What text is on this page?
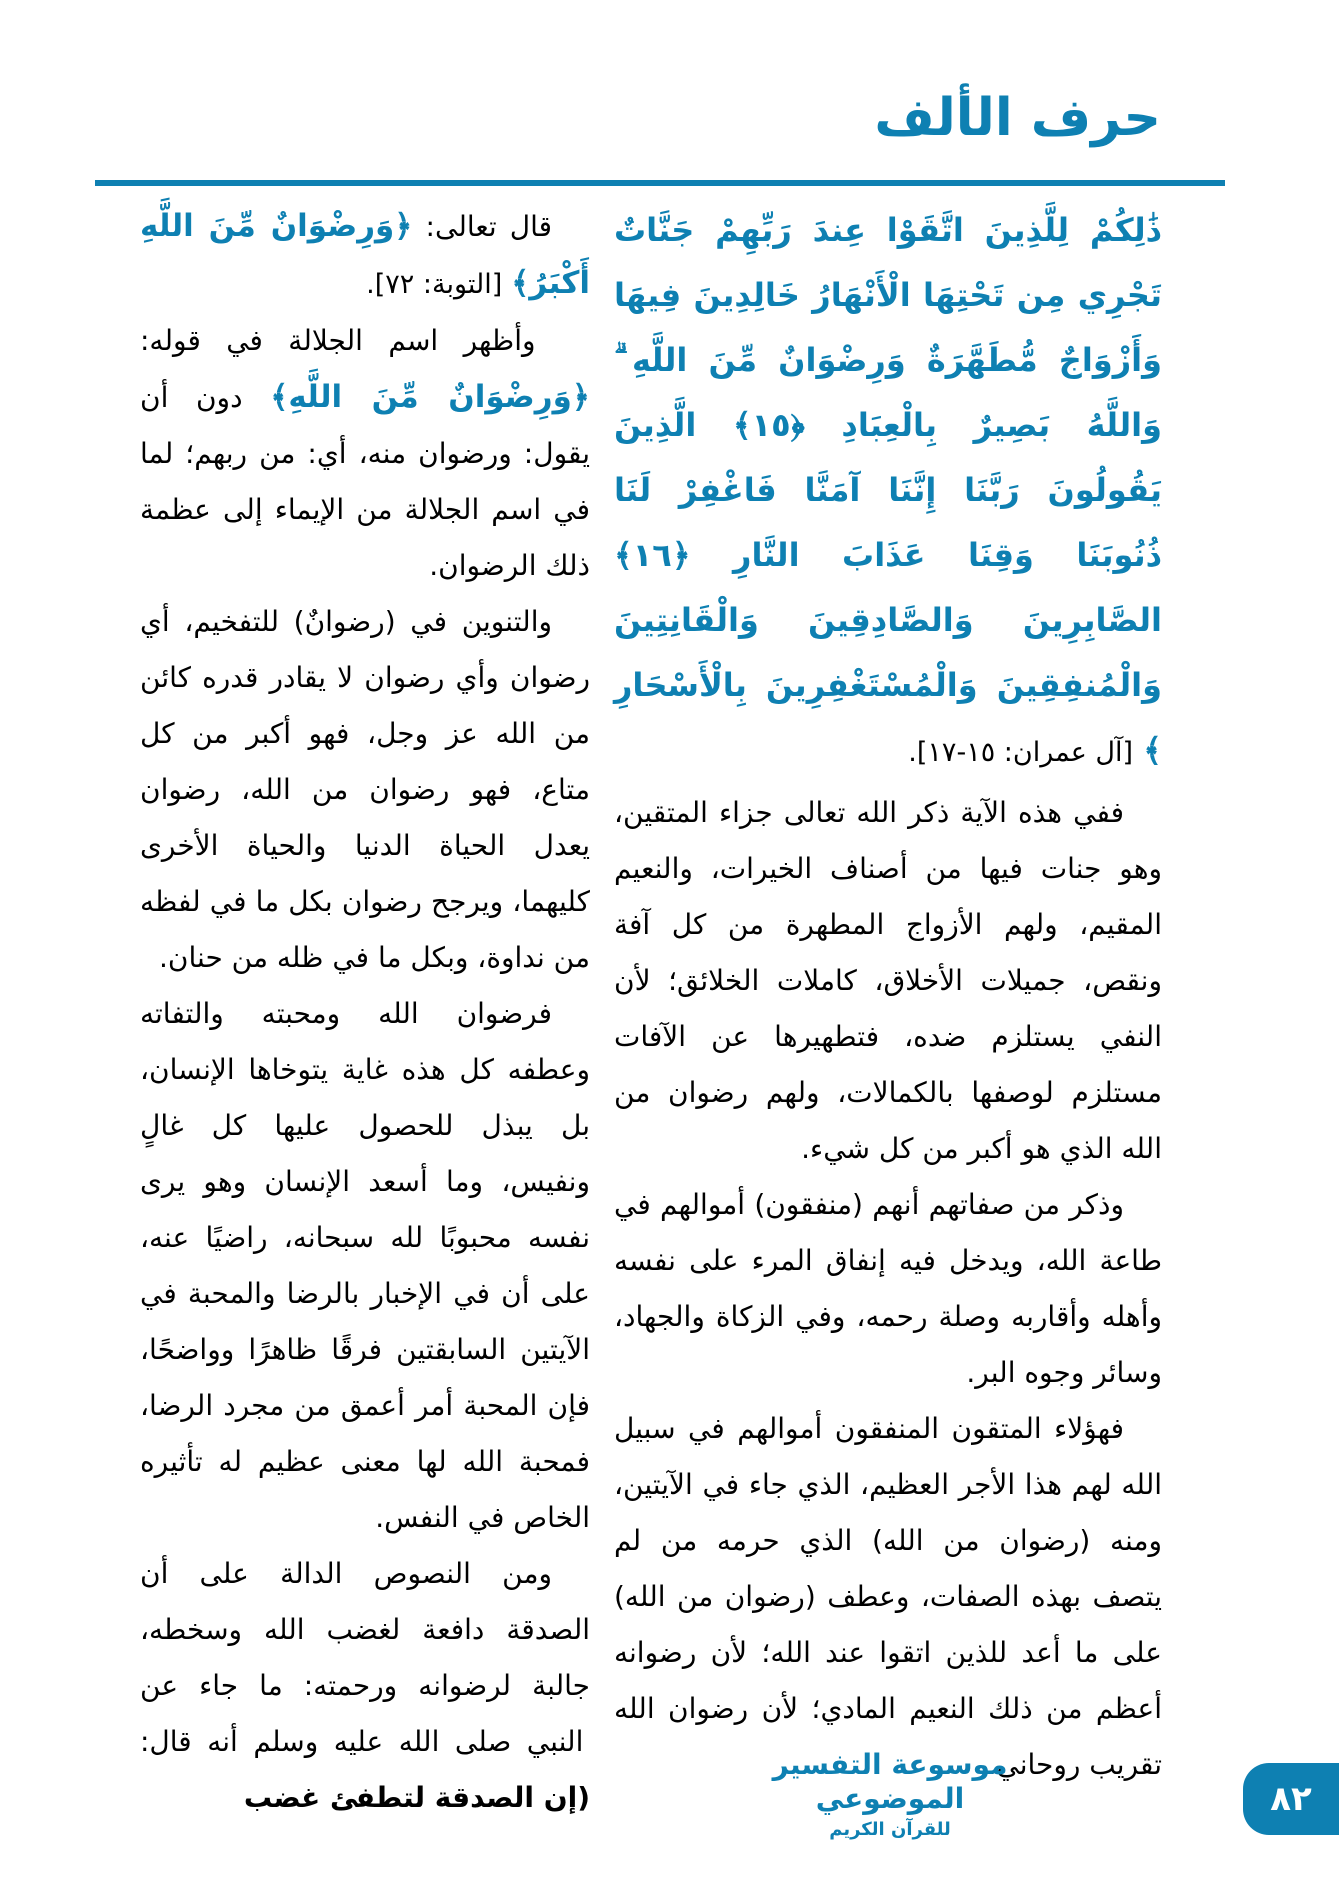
حرف الألف

ذَٰلِكُمْ لِلَّذِينَ اتَّقَوْا عِندَ رَبِّهِمْ جَنَّاتٌ تَجْرِي مِن تَحْتِهَا الْأَنْهَارُ خَالِدِينَ فِيهَا وَأَزْوَاجٌ مُّطَهَّرَةٌ وَرِضْوَانٌ مِّنَ اللَّهِ ۗ وَاللَّهُ بَصِيرٌ بِالْعِبَادِ ﴿١٥﴾ الَّذِينَ يَقُولُونَ رَبَّنَا إِنَّنَا آمَنَّا فَاغْفِرْ لَنَا ذُنُوبَنَا وَقِنَا عَذَابَ النَّارِ ﴿١٦﴾ الصَّابِرِينَ وَالصَّادِقِينَ وَالْقَانِتِينَ وَالْمُنفِقِينَ وَالْمُسْتَغْفِرِينَ بِالْأَسْحَارِ ﴾ [آل عمران: ١٥-١٧].

ففي هذه الآية ذكر الله تعالى جزاء المتقين، وهو جنات فيها من أصناف الخيرات، والنعيم المقيم، ولهم الأزواج المطهرة من كل آفة ونقص، جميلات الأخلاق، كاملات الخلائق؛ لأن النفي يستلزم ضده، فتطهيرها عن الآفات مستلزم لوصفها بالكمالات، ولهم رضوان من الله الذي هو أكبر من كل شيء.

وذكر من صفاتهم أنهم (منفقون) أموالهم في طاعة الله، ويدخل فيه إنفاق المرء على نفسه وأهله وأقاربه وصلة رحمه، وفي الزكاة والجهاد، وسائر وجوه البر.

فهؤلاء المتقون المنفقون أموالهم في سبيل الله لهم هذا الأجر العظيم، الذي جاء في الآيتين، ومنه (رضوان من الله) الذي حرمه من لم يتصف بهذه الصفات، وعطف (رضوان من الله) على ما أعد للذين اتقوا عند الله؛ لأن رضوانه أعظم من ذلك النعيم المادي؛ لأن رضوان الله تقريب روحاني.

قال تعالى: ﴿وَرِضْوَانٌ مِّنَ اللَّهِ أَكْبَرُ﴾ [التوبة: ٧٢].

وأظهر اسم الجلالة في قوله: ﴿وَرِضْوَانٌ مِّنَ اللَّهِ﴾ دون أن يقول: ورضوان منه، أي: من ربهم؛ لما في اسم الجلالة من الإيماء إلى عظمة ذلك الرضوان.

والتنوين في (رضوانٌ) للتفخيم، أي رضوان وأي رضوان لا يقادر قدره كائن من الله عز وجل، فهو أكبر من كل متاع، فهو رضوان من الله، رضوان يعدل الحياة الدنيا والحياة الأخرى كليهما، ويرجح رضوان بكل ما في لفظه من نداوة، وبكل ما في ظله من حنان.

فرضوان الله ومحبته والتفاته وعطفه كل هذه غاية يتوخاها الإنسان، بل يبذل للحصول عليها كل غالٍ ونفيس، وما أسعد الإنسان وهو يرى نفسه محبوبًا لله سبحانه، راضيًا عنه، على أن في الإخبار بالرضا والمحبة في الآيتين السابقتين فرقًا ظاهرًا وواضحًا، فإن المحبة أمر أعمق من مجرد الرضا، فمحبة الله لها معنى عظيم له تأثيره الخاص في النفس.

ومن النصوص الدالة على أن الصدقة دافعة لغضب الله وسخطه، جالبة لرضوانه ورحمته: ما جاء عن النبي صلى الله عليه وسلم أنه قال: (إن الصدقة لتطفئ غضب

موسوعة التفسير الموضوعي
للقرآن الكريم
٨٢
